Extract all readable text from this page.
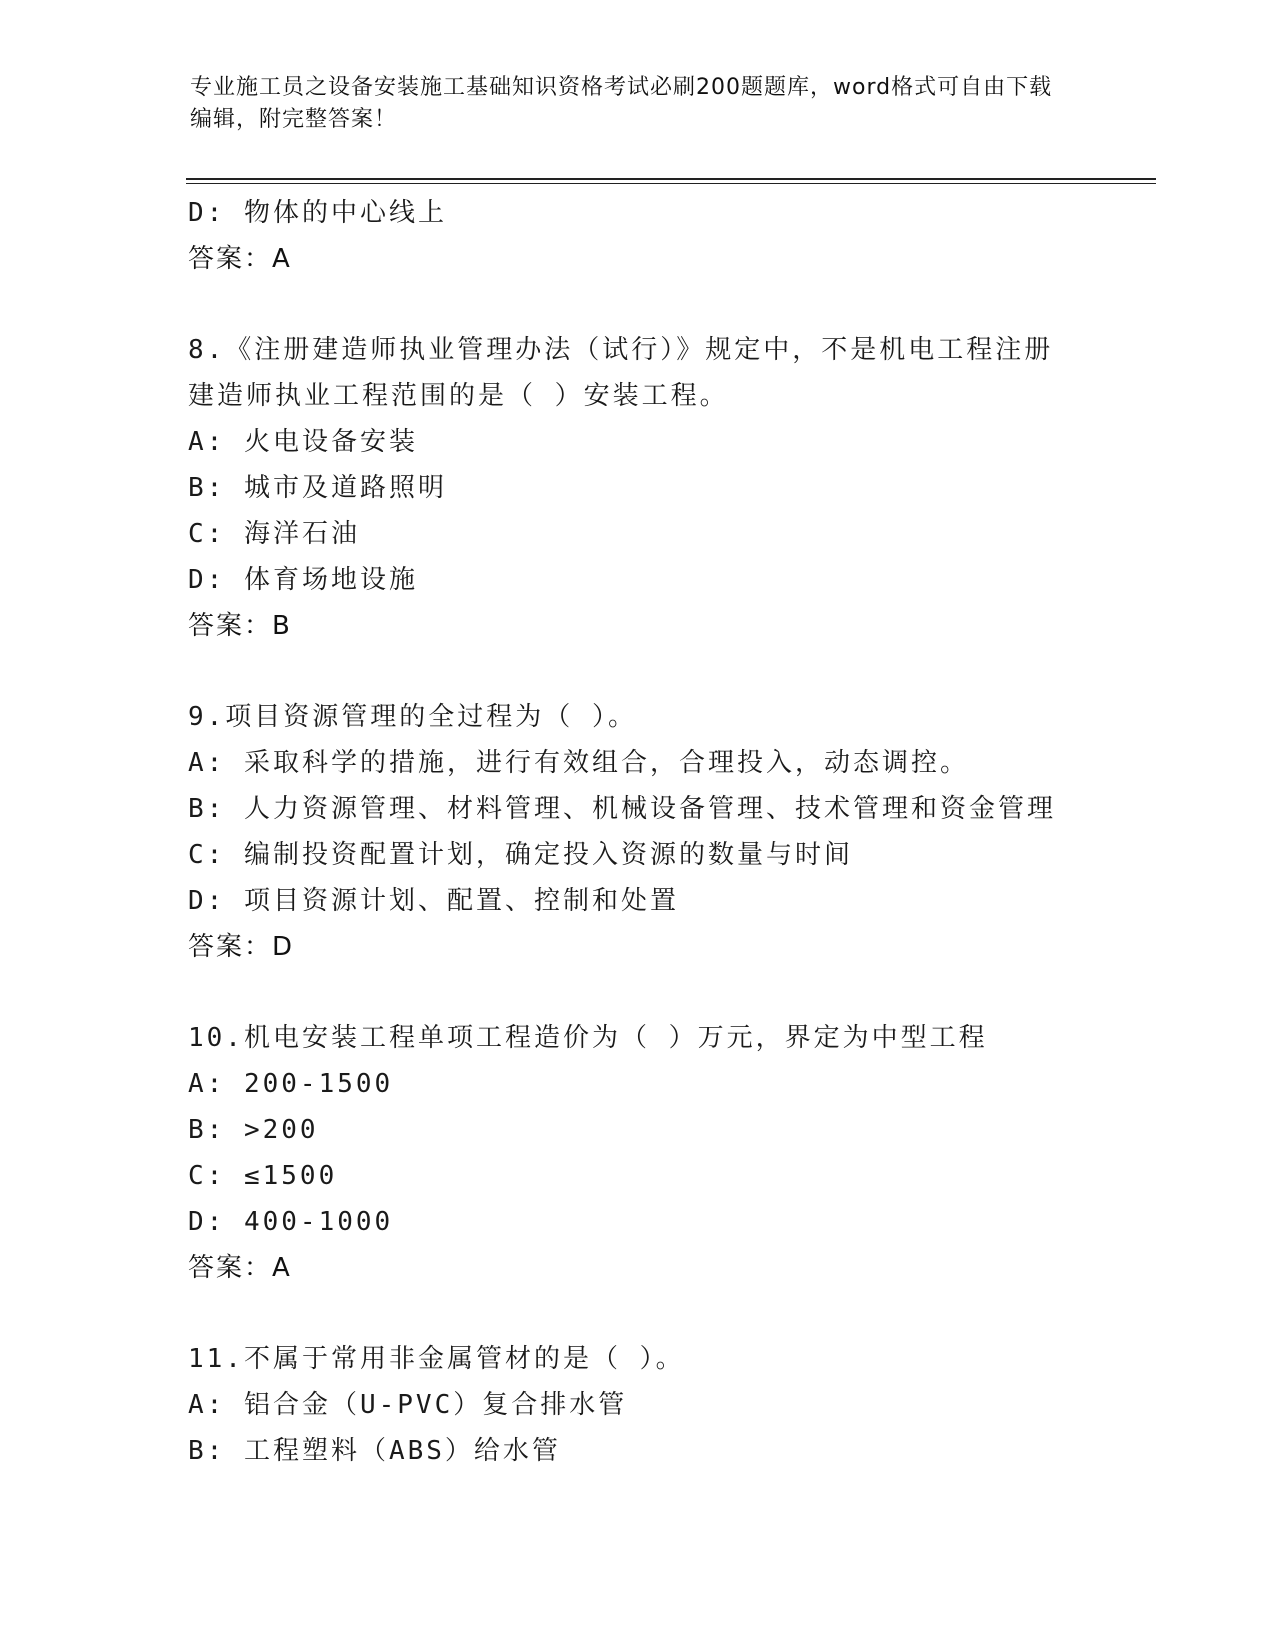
专业施工员之设备安装施工基础知识资格考试必刷200题题库，word格式可自由下载编辑，附完整答案！
D: 物体的中心线上
答案：A
8.《注册建造师执业管理办法（试行）》规定中，不是机电工程注册建造师执业工程范围的是（ ）安装工程。
A: 火电设备安装
B: 城市及道路照明
C: 海洋石油
D: 体育场地设施
答案：B
9.项目资源管理的全过程为（ ）。
A: 采取科学的措施，进行有效组合，合理投入，动态调控。
B: 人力资源管理、材料管理、机械设备管理、技术管理和资金管理
C: 编制投资配置计划，确定投入资源的数量与时间
D: 项目资源计划、配置、控制和处置
答案：D
10.机电安装工程单项工程造价为（ ）万元，界定为中型工程
A: 200-1500
B: >200
C: ≤1500
D: 400-1000
答案：A
11.不属于常用非金属管材的是（ ）。
A: 铝合金（U-PVC）复合排水管
B: 工程塑料（ABS）给水管
